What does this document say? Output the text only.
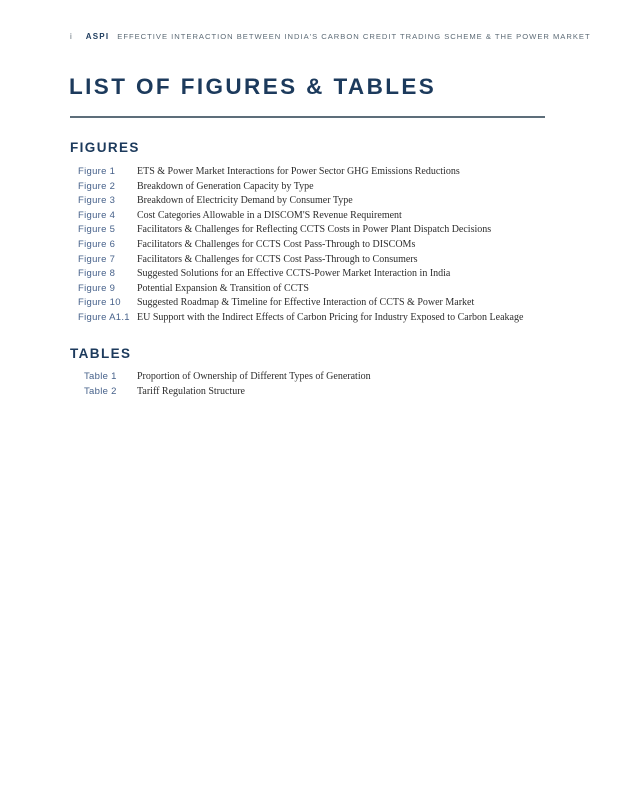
i ASPI EFFECTIVE INTERACTION BETWEEN INDIA'S CARBON CREDIT TRADING SCHEME & THE POWER MARKET
LIST OF FIGURES & TABLES
FIGURES
Figure 1	ETS & Power Market Interactions for Power Sector GHG Emissions Reductions
Figure 2	Breakdown of Generation Capacity by Type
Figure 3	Breakdown of Electricity Demand by Consumer Type
Figure 4	Cost Categories Allowable in a DISCOM'S Revenue Requirement
Figure 5	Facilitators & Challenges for Reflecting CCTS Costs in Power Plant Dispatch Decisions
Figure 6	Facilitators & Challenges for CCTS Cost Pass-Through to DISCOMs
Figure 7	Facilitators & Challenges for CCTS Cost Pass-Through to Consumers
Figure 8	Suggested Solutions for an Effective CCTS-Power Market Interaction in India
Figure 9	Potential Expansion & Transition of CCTS
Figure 10	Suggested Roadmap & Timeline for Effective Interaction of CCTS & Power Market
Figure A1.1 EU Support with the Indirect Effects of Carbon Pricing for Industry Exposed to Carbon Leakage
TABLES
Table 1	Proportion of Ownership of Different Types of Generation
Table 2	Tariff Regulation Structure
